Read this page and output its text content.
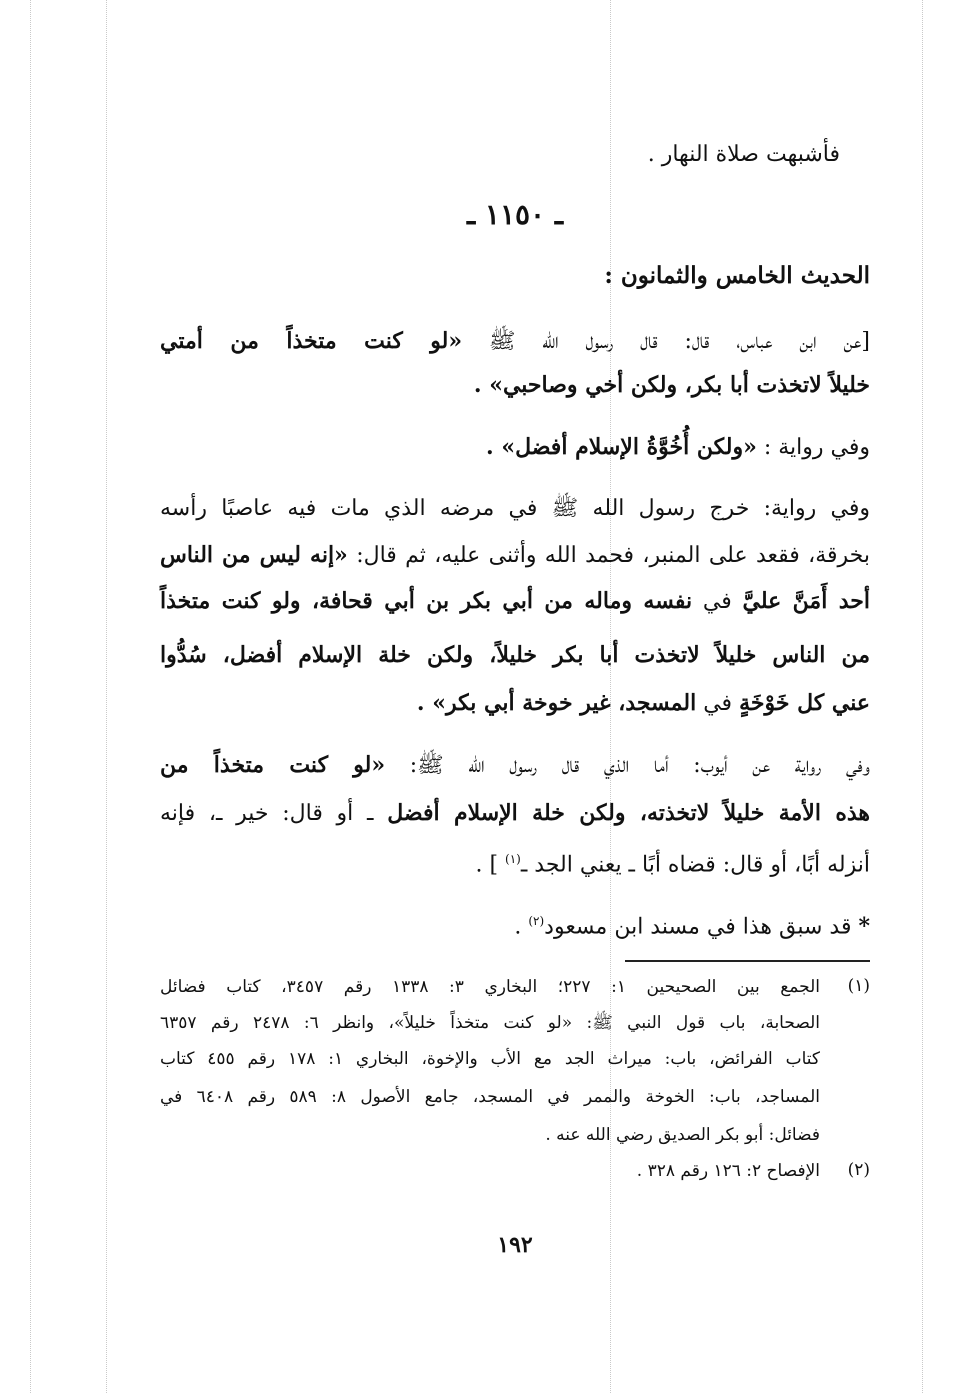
فأشبهت صلاة النهار .
ـ ١١٥٠ ـ
الحديث الخامس والثمانون :
[عن ابن عباس، قال: قال رسول الله ﷺ «لو كنت متخذاً من أمتي
خليلاً لاتخذت أبا بكر، ولكن أخي وصاحبي» .
وفي رواية : «ولكن أُخُوَّةُ الإسلام أفضل» .
وفي رواية: خرج رسول الله ﷺ في مرضه الذي مات فيه عاصبًا رأسه
بخرقة، فقعد على المنبر، فحمد الله وأثنى عليه، ثم قال: «إنه ليس من الناس
أحد أَمَنَّ عليَّ في نفسه وماله من أبي بكر بن أبي قحافة، ولو كنت متخذاً
من الناس خليلاً لاتخذت أبا بكر خليلاً، ولكن خلة الإسلام أفضل، سُدُّوا
عني كل خَوْخَةٍ في المسجد، غير خوخة أبي بكر» .
وفي رواية عن أيوب: أما الذي قال رسول الله ﷺ: «لو كنت متخذاً من
هذه الأمة خليلاً لاتخذته، ولكن خلة الإسلام أفضل ـ أو قال: خير ـ، فإنه
أنزله أبًا، أو قال: قضاه أبًا ـ يعني الجد ـ$^{(١)}$ ] .
* قد سبق هذا في مسند ابن مسعود$^{(٢)}$ .
(١)
الجمع بين الصحيحين ١: ٢٢٧؛ البخاري ٣: ١٣٣٨ رقم ٣٤٥٧، كتاب فضائل
الصحابة، باب قول النبي ﷺ: «لو كنت متخذاً خليلاً»، وانظر ٦: ٢٤٧٨ رقم ٦٣٥٧
كتاب الفرائض، باب: ميراث الجد مع الأب والإخوة، البخاري ١: ١٧٨ رقم ٤٥٥ كتاب
المساجد، باب: الخوخة والممر في المسجد، جامع الأصول ٨: ٥٨٩ رقم ٦٤٠٨ في
فضائل: أبو بكر الصديق رضي الله عنه .
(٢)
الإفصاح ٢: ١٢٦ رقم ٣٢٨ .
١٩٢
